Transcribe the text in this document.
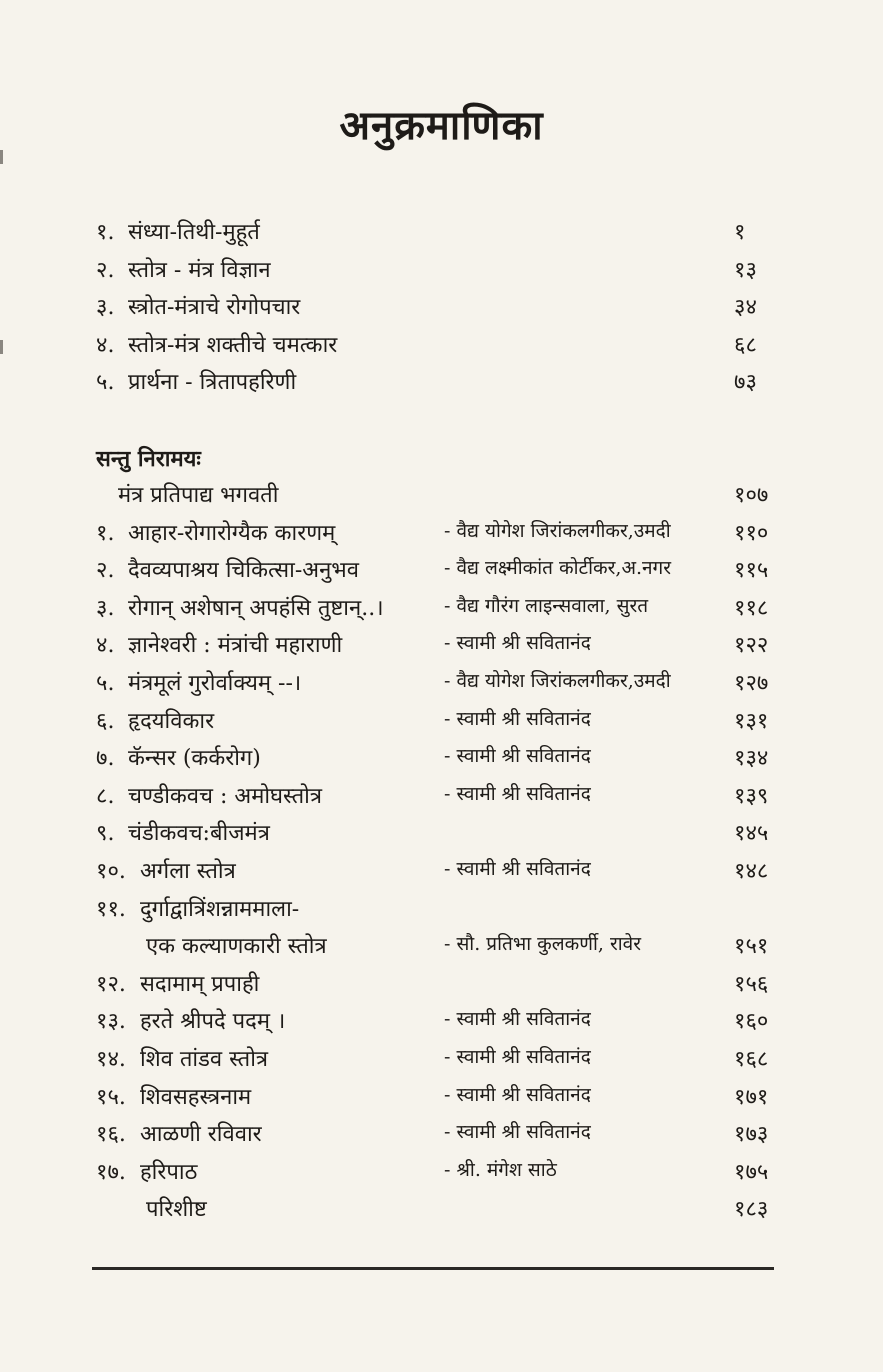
अनुक्रमाणिका
१. संध्या-तिथी-मुहूर्त	१
२. स्तोत्र - मंत्र विज्ञान	१३
३. स्त्रोत-मंत्राचे रोगोपचार	३४
४. स्तोत्र-मंत्र शक्तीचे चमत्कार	६८
५. प्रार्थना - त्रितापहरिणी	७३
सन्तु निरामयः
मंत्र प्रतिपाद्य भगवती	१०७
१. आहार-रोगारोग्यैक कारणम्	- वैद्य योगेश जिरांकलगीकर,उमदी	११०
२. दैवव्यपाश्रय चिकित्सा-अनुभव	- वैद्य लक्ष्मीकांत कोर्टीकर,अ.नगर	११५
३. रोगान् अशेषान् अपहंसि तुष्टान्..।	- वैद्य गौरंग लाइन्सवाला, सुरत	११८
४. ज्ञानेश्वरी : मंत्रांची महाराणी	- स्वामी श्री सवितानंद	१२२
५. मंत्रमूलं गुरोर्वाक्यम् --।	- वैद्य योगेश जिरांकलगीकर,उमदी	१२७
६. हृदयविकार	- स्वामी श्री सवितानंद	१३१
७. कॅन्सर (कर्करोग)	- स्वामी श्री सवितानंद	१३४
८. चण्डीकवच : अमोघस्तोत्र	- स्वामी श्री सवितानंद	१३९
९. चंडीकवच:बीजमंत्र	१४५
१०. अर्गला स्तोत्र	- स्वामी श्री सवितानंद	१४८
११. दुर्गाद्वात्रिंशन्नाममाला-
एक कल्याणकारी स्तोत्र	- सौ. प्रतिभा कुलकर्णी, रावेर	१५१
१२. सदामाम् प्रपाही	१५६
१३. हरते श्रीपदे पदम् ।	- स्वामी श्री सवितानंद	१६०
१४. शिव तांडव स्तोत्र	- स्वामी श्री सवितानंद	१६८
१५. शिवसहस्त्रनाम	- स्वामी श्री सवितानंद	१७१
१६. आळणी रविवार	- स्वामी श्री सवितानंद	१७३
१७. हरिपाठ	- श्री. मंगेश साठे	१७५
परिशीष्ट	१८३
